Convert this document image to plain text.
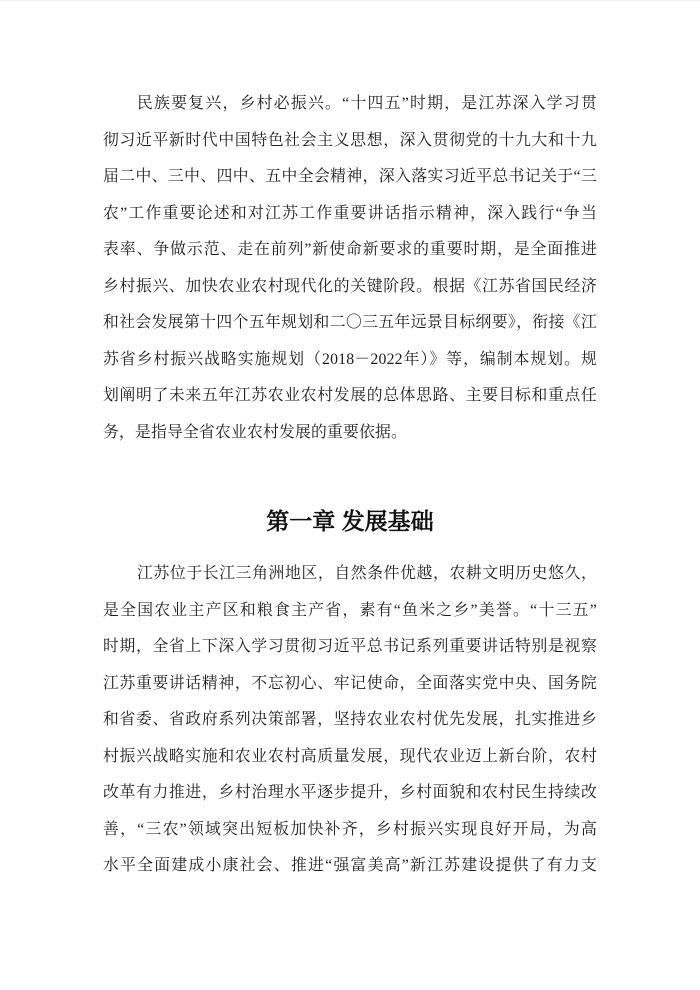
民族要复兴，乡村必振兴。“十四五”时期，是江苏深入学习贯
彻习近平新时代中国特色社会主义思想，深入贯彻党的十九大和十九
届二中、三中、四中、五中全会精神，深入落实习近平总书记关于“三
农”工作重要论述和对江苏工作重要讲话指示精神，深入践行“争当
表率、争做示范、走在前列”新使命新要求的重要时期，是全面推进
乡村振兴、加快农业农村现代化的关键阶段。根据《江苏省国民经济
和社会发展第十四个五年规划和二〇三五年远景目标纲要》，衔接《江
苏省乡村振兴战略实施规划（2018－2022年）》等，编制本规划。规
划阐明了未来五年江苏农业农村发展的总体思路、主要目标和重点任
务，是指导全省农业农村发展的重要依据。
第一章 发展基础
江苏位于长江三角洲地区，自然条件优越，农耕文明历史悠久，
是全国农业主产区和粮食主产省，素有“鱼米之乡”美誉。“十三五”
时期，全省上下深入学习贯彻习近平总书记系列重要讲话特别是视察
江苏重要讲话精神，不忘初心、牢记使命，全面落实党中央、国务院
和省委、省政府系列决策部署，坚持农业农村优先发展，扎实推进乡
村振兴战略实施和农业农村高质量发展，现代农业迈上新台阶，农村
改革有力推进，乡村治理水平逐步提升，乡村面貌和农村民生持续改
善，“三农”领域突出短板加快补齐，乡村振兴实现良好开局，为高
水平全面建成小康社会、推进“强富美高”新江苏建设提供了有力支
